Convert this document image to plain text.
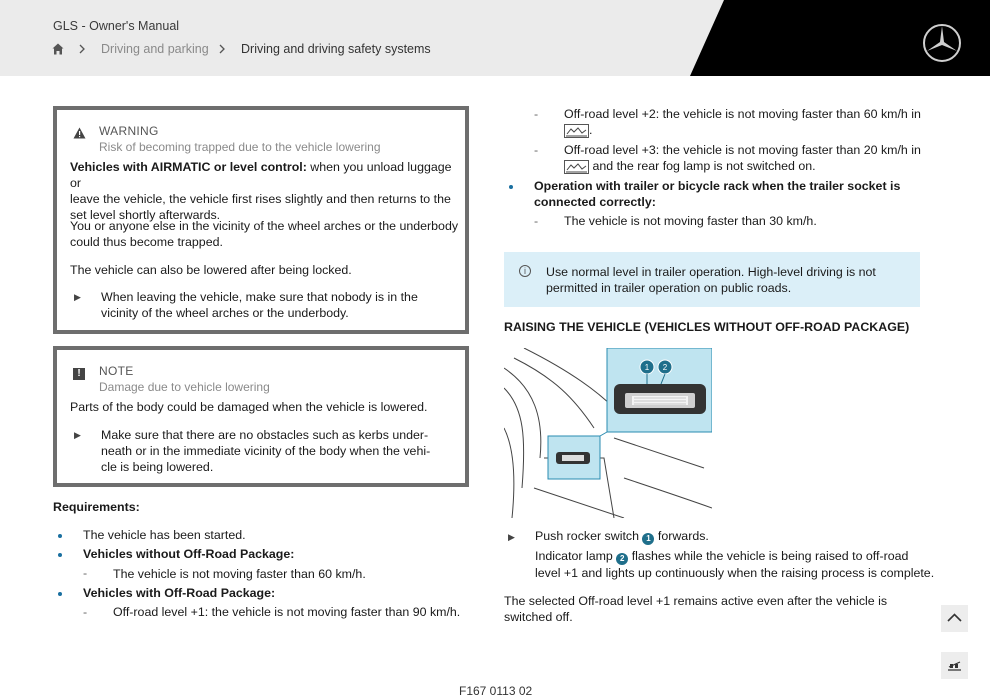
GLS - Owner's Manual
Driving and parking	Driving and driving safety systems
WARNING
Risk of becoming trapped due to the vehicle lowering
Vehicles with AIRMATIC or level control: when you unload luggage or
leave the vehicle, the vehicle first rises slightly and then returns to the
set level shortly afterwards.
You or anyone else in the vicinity of the wheel arches or the underbody
could thus become trapped.
The vehicle can also be lowered after being locked.
▶ When leaving the vehicle, make sure that nobody is in the
vicinity of the wheel arches or the underbody.
!	NOTE
Damage due to vehicle lowering
Parts of the body could be damaged when the vehicle is lowered.
▶ Make sure that there are no obstacles such as kerbs under-
neath or in the immediate vicinity of the body when the vehi-
cle is being lowered.
Requirements:
The vehicle has been started.
Vehicles without Off-Road Package:
- The vehicle is not moving faster than 60 km/h.
Vehicles with Off-Road Package:
- Off-road level +1: the vehicle is not moving faster than 90 km/h.
- Off-road level +2: the vehicle is not moving faster than 60 km/h in
.
- Off-road level +3: the vehicle is not moving faster than 20 km/h in
and the rear fog lamp is not switched on.
Operation with trailer or bicycle rack when the trailer socket is
connected correctly:
- The vehicle is not moving faster than 30 km/h.
i	Use normal level in trailer operation. High-level driving is not
permitted in trailer operation on public roads.
RAISING THE VEHICLE (VEHICLES WITHOUT OFF-ROAD PACKAGE)
1 2
▶ Push rocker switch 1 forwards.
Indicator lamp 2 flashes while the vehicle is being raised to off-road
level +1 and lights up continuously when the raising process is complete.
The selected Off-road level +1 remains active even after the vehicle is
switched off.
F167 0113 02
